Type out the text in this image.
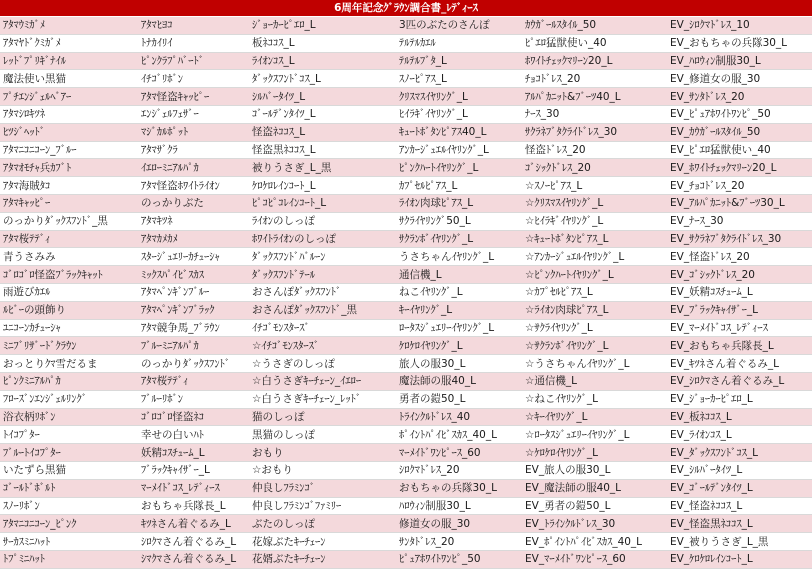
6周年記念ｸﾞﾗｳﾝ調合書_ﾚﾃﾞｨｰｽ
ｱﾀﾏｳﾐｶﾞﾒ	ｱﾀﾏﾋﾖｺ	ｼﾞｮｰｶｰﾋﾟｴﾛ_L	3匹のぶたのさんぽ	ｶｳｶﾞｰﾙｽﾀｲﾙ_50	EV_ｼﾛｸﾏﾄﾞﾚｽ_10
ｱﾀﾏﾔﾄﾞｸﾐｶﾞﾒ	ﾄﾅｶｲﾘｲ	板ﾈｺｺｽ_L	ﾃﾙﾃﾙｶｴﾙ	ﾋﾟｴﾛ猛獣使い_40	EV_おもちゃの兵隊30_L
ﾚｯﾄﾞﾌﾟﾘｷﾞﾅｲﾙ	ﾋﾟﾝｸﾗﾌﾟﾊﾞｰﾄﾞ	ﾗｲｵﾝｺｽ_L	ﾃﾙﾃﾙﾌﾞﾀ_L	ﾎﾜｲﾄﾁｪｯｸﾏﾘｰﾝ20_L	EV_ﾊﾛｳｨﾝ制服30_L
魔法使い黒猫	ｲﾁｺﾞﾘﾎﾞﾝ	ﾀﾞｯｸｽﾌﾝﾄﾞｺｽ_L	ｽﾉｰﾋﾟｱｽ_L	ﾁｮｺﾄﾞﾚｽ_20	EV_修道女の服_30
ﾌﾟﾁｴﾝｼﾞｪﾙﾍﾞｱｰ	ｱﾀﾏ怪盗ｷｬｯﾋﾟｰ	ｼﾙﾊﾞｰﾀｲﾂ_L	ｸﾘｽﾏｽｲﾔﾘﾝｸﾞ_L	ｱﾙﾊﾟｶﾆｯﾄ&ﾌﾞｰﾂ40_L	EV_ｻﾝﾀﾄﾞﾚｽ_20
ｱﾀﾏｼﾛｷﾂﾈ	ｴﾝｼﾞｪﾙﾌｪｻﾞｰ	ｺﾞｰﾙﾃﾞﾝﾀｲﾂ_L	ﾋｲﾗｷﾞｲﾔﾘﾝｸﾞ_L	ﾅｰｽ_30	EV_ﾋﾟｭｱﾎﾜｲﾄﾜﾝﾋﾟ_50
ﾋﾂｼﾞﾍｯﾄﾞ	ﾏｼﾞｶﾙﾎﾟｯﾄ	怪盗ﾈｺｺｽ_L	ｷｭｰﾄﾎﾞﾀﾝﾋﾟｱｽ40_L	ｻｸﾗﾈﾌﾞﾀｸﾗｲﾄﾞﾚｽ_30	EV_ｶｳｶﾞｰﾙｽﾀｲﾙ_50
ｱﾀﾏﾆｺﾆｺｰﾝ_ﾌﾞﾙｰ	ｱﾀﾏｻﾞｸﾗ	怪盗黒ﾈｺｺｽ_L	ｱﾝｶｰｼﾞｭｴﾙｲﾔﾘﾝｸﾞ_L	怪盗ﾄﾞﾚｽ_20	EV_ﾋﾟｴﾛ猛獣使い_40
ｱﾀﾏｵﾓﾁｬ兵ｶﾌﾞﾄ	ｲｴﾛｰﾐﾆｱﾙﾊﾟｶ	被りうさぎ_L_黒	ﾋﾟﾝｸﾊｰﾄｲﾔﾘﾝｸﾞ_L	ｺﾞｼｯｸﾄﾞﾚｽ_20	EV_ﾎﾜｲﾄﾁｪｯｸﾏﾘｰﾝ20_L
ｱﾀﾏ海賊ﾀｺ	ｱﾀﾏ怪盗ﾎﾜｲﾄﾗｲｵﾝ	ｹﾛｹﾛﾚｲﾝｺｰﾄ_L	ｶﾌﾟｾﾙﾋﾟｱｽ_L	☆ｽﾉｰﾋﾟｱｽ_L	EV_ﾁｮｺﾄﾞﾚｽ_20
ｱﾀﾏｷｬｯﾋﾟｰ	のっかりぶた	ﾋﾟｺﾋﾟｺﾚｲﾝｺｰﾄ_L	ﾗｲｵﾝ肉球ﾋﾟｱｽ_L	☆ｸﾘｽﾏｽｲﾔﾘﾝｸﾞ_L	EV_ｱﾙﾊﾟｶﾆｯﾄ&ﾌﾞｰﾂ30_L
のっかりﾀﾞｯｸｽﾌﾝﾄﾞ_黒	ｱﾀﾏｷﾂﾈ	ﾗｲｵﾝのしっぽ	ｻｸﾗｲﾔﾘﾝｸﾞ50_L	☆ﾋｲﾗｷﾞｲﾔﾘﾝｸﾞ_L	EV_ﾅｰｽ_30
ｱﾀﾏ桜ﾃﾃﾞｨ	ｱﾀﾏｶﾒｶﾒ	ﾎﾜｲﾄﾗｲｵﾝのしっぽ	ｻｸﾗﾝﾎﾞｲﾔﾘﾝｸﾞ_L	☆ｷｭｰﾄﾎﾞﾀﾝﾋﾟｱｽ_L	EV_ｻｸﾗﾈﾌﾞﾀｸﾗｲﾄﾞﾚｽ_30
青うさみみ	ｽﾀｰｼﾞｭｴﾘｰｶﾁｭｰｼｬ	ﾀﾞｯｸｽﾌﾝﾄﾞﾊﾞﾙｰﾝ	うさちゃんｲﾔﾘﾝｸﾞ_L	☆ｱﾝｶｰｼﾞｭｴﾙｲﾔﾘﾝｸﾞ_L	EV_怪盗ﾄﾞﾚｽ_20
ｺﾞﾛｺﾞﾛ怪盗ﾌﾞﾗｯｸｷｬｯﾄ	ﾐｯｸｽﾊﾟｲﾋﾞｽｶｽ	ﾀﾞｯｸｽﾌﾝﾄﾞﾃｰﾙ	通信機_L	☆ﾋﾟﾝｸﾊｰﾄｲﾔﾘﾝｸﾞ_L	EV_ｺﾞｼｯｸﾄﾞﾚｽ_20
雨遊びｶｴﾙ	ｱﾀﾏﾍﾟﾝｷﾞﾝﾌﾞﾙｰ	おさんぽﾀﾞｯｸｽﾌﾝﾄﾞ	ねこｲﾔﾘﾝｸﾞ_L	☆ｶﾌﾟｾﾙﾋﾟｱｽ_L	EV_妖精ｺｽﾁｭｰﾑ_L
ﾙﾋﾞｰの頭飾り	ｱﾀﾏﾍﾟﾝｷﾞﾝﾌﾞﾗｯｸ	おさんぽﾀﾞｯｸｽﾌﾝﾄﾞ_黒	ｷｰｲﾔﾘﾝｸﾞ_L	☆ﾗｲｵﾝ肉球ﾋﾟｱｽ_L	EV_ﾌﾞﾗｯｸｷｬｲｻﾞｰ_L
ﾕﾆｺｰﾝｶﾁｭｰｼｬ	ｱﾀﾏ競争馬_ﾌﾞﾗｳﾝ	ｲﾁｺﾞﾓﾝｽﾀｰｽﾞ	ﾛｰﾀｽｼﾞｭｴﾘｰｲﾔﾘﾝｸﾞ_L	☆ｻｸﾗｲﾔﾘﾝｸﾞ_L	EV_ﾏｰﾒｲﾄﾞｺｽ_ﾚﾃﾞｨｰｽ
ﾐﾆﾌﾞﾘｻﾞｰﾄﾞｸﾗｳﾝ	ﾌﾞﾙｰﾐﾆｱﾙﾊﾟｶ	☆ｲﾁｺﾞﾓﾝｽﾀｰｽﾞ	ｹﾛｹﾛｲﾔﾘﾝｸﾞ_L	☆ｻｸﾗﾝﾎﾞｲﾔﾘﾝｸﾞ_L	EV_おもちゃ兵隊長_L
おっとりｸﾏ雪だるま	のっかりﾀﾞｯｸｽﾌﾝﾄﾞ	☆うさぎのしっぽ	旅人の服30_L	☆うさちゃんｲﾔﾘﾝｸﾞ_L	EV_ｷﾂﾈさん着ぐるみ_L
ﾋﾟﾝｸﾐﾆｱﾙﾊﾟｶ	ｱﾀﾏ桜ﾃﾃﾞｨ	☆白うさぎｷｰﾁｪｰﾝ_ｲｴﾛｰ	魔法師の服40_L	☆通信機_L	EV_ｼﾛｸﾏさん着ぐるみ_L
ﾌﾛｰｽﾞﾝｴﾝｼﾞｪﾙﾘﾝｸﾞ	ﾌﾞﾙｰﾘﾎﾞﾝ	☆白うさぎｷｰﾁｪｰﾝ_ﾚｯﾄﾞ	勇者の鎧50_L	☆ねこｲﾔﾘﾝｸﾞ_L	EV_ｼﾞｮｰｶｰﾋﾟｴﾛ_L
浴衣柄ﾘﾎﾞﾝ	ｺﾞﾛｺﾞﾛ怪盗ﾈｺ	猫のしっぽ	ﾄﾗｲﾝｸﾙﾄﾞﾚｽ_40	☆ｷｰｲﾔﾘﾝｸﾞ_L	EV_板ﾈｺｺｽ_L
ﾄｲｺﾌﾟﾀｰ	幸せの白いﾊﾄ	黒猫のしっぽ	ﾎﾟｲﾝﾄﾊﾟｲﾋﾞｽｶｽ_40_L	☆ﾛｰﾀｽｼﾞｭｴﾘｰｲﾔﾘﾝｸﾞ_L	EV_ﾗｲｵﾝｺｽ_L
ﾌﾞﾙｰﾄｲｺﾌﾟﾀｰ	妖精ｺｽﾁｭｰﾑ_L	おもり	ﾏｰﾒｲﾄﾞﾜﾝﾋﾟｰｽ_60	☆ｹﾛｹﾛｲﾔﾘﾝｸﾞ_L	EV_ﾀﾞｯｸｽﾌﾝﾄﾞｺｽ_L
いたずら黒猫	ﾌﾞﾗｯｸｷｬｲｻﾞｰ_L	☆おもり	ｼﾛｸﾏﾄﾞﾚｽ_20	EV_旅人の服30_L	EV_ｼﾙﾊﾞｰﾀｲﾂ_L
ｺﾞｰﾙﾄﾞﾎﾞﾙﾄ	ﾏｰﾒｲﾄﾞｺｽ_ﾚﾃﾞｨｰｽ	仲良しﾌﾗﾐﾝｺﾞ	おもちゃの兵隊30_L	EV_魔法師の服40_L	EV_ｺﾞｰﾙﾃﾞﾝﾀｲﾂ_L
ｽﾉｰﾘﾎﾞﾝ	おもちゃ兵隊長_L	仲良しﾌﾗﾐﾝｺﾞﾌｧﾐﾘｰ	ﾊﾛｳｨﾝ制服30_L	EV_勇者の鎧50_L	EV_怪盗ﾈｺｺｽ_L
ｱﾀﾏﾆｺﾆｺｰﾝ_ﾋﾟﾝｸ	ｷﾂﾈさん着ぐるみ_L	ぶたのしっぽ	修道女の服_30	EV_ﾄﾗｲﾝｸﾙﾄﾞﾚｽ_30	EV_怪盗黒ﾈｺｺｽ_L
ｻｰｶｽﾐﾆﾊｯﾄ	ｼﾛｸﾏさん着ぐるみ_L	花嫁ぶたｷｰﾁｪｰﾝ	ｻﾝﾀﾄﾞﾚｽ_20	EV_ﾎﾟｲﾝﾄﾊﾟｲﾋﾞｽｶｽ_40_L	EV_被りうさぎ_L_黒
ﾄﾌﾟﾐﾆﾊｯﾄ	ｼﾏｸﾏさん着ぐるみ_L	花婿ぶたｷｰﾁｪｰﾝ	ﾋﾟｭｱﾎﾜｲﾄﾜﾝﾋﾟ_50	EV_ﾏｰﾒｲﾄﾞﾜﾝﾋﾟｰｽ_60	EV_ｹﾛｹﾛﾚｲﾝｺｰﾄ_L
